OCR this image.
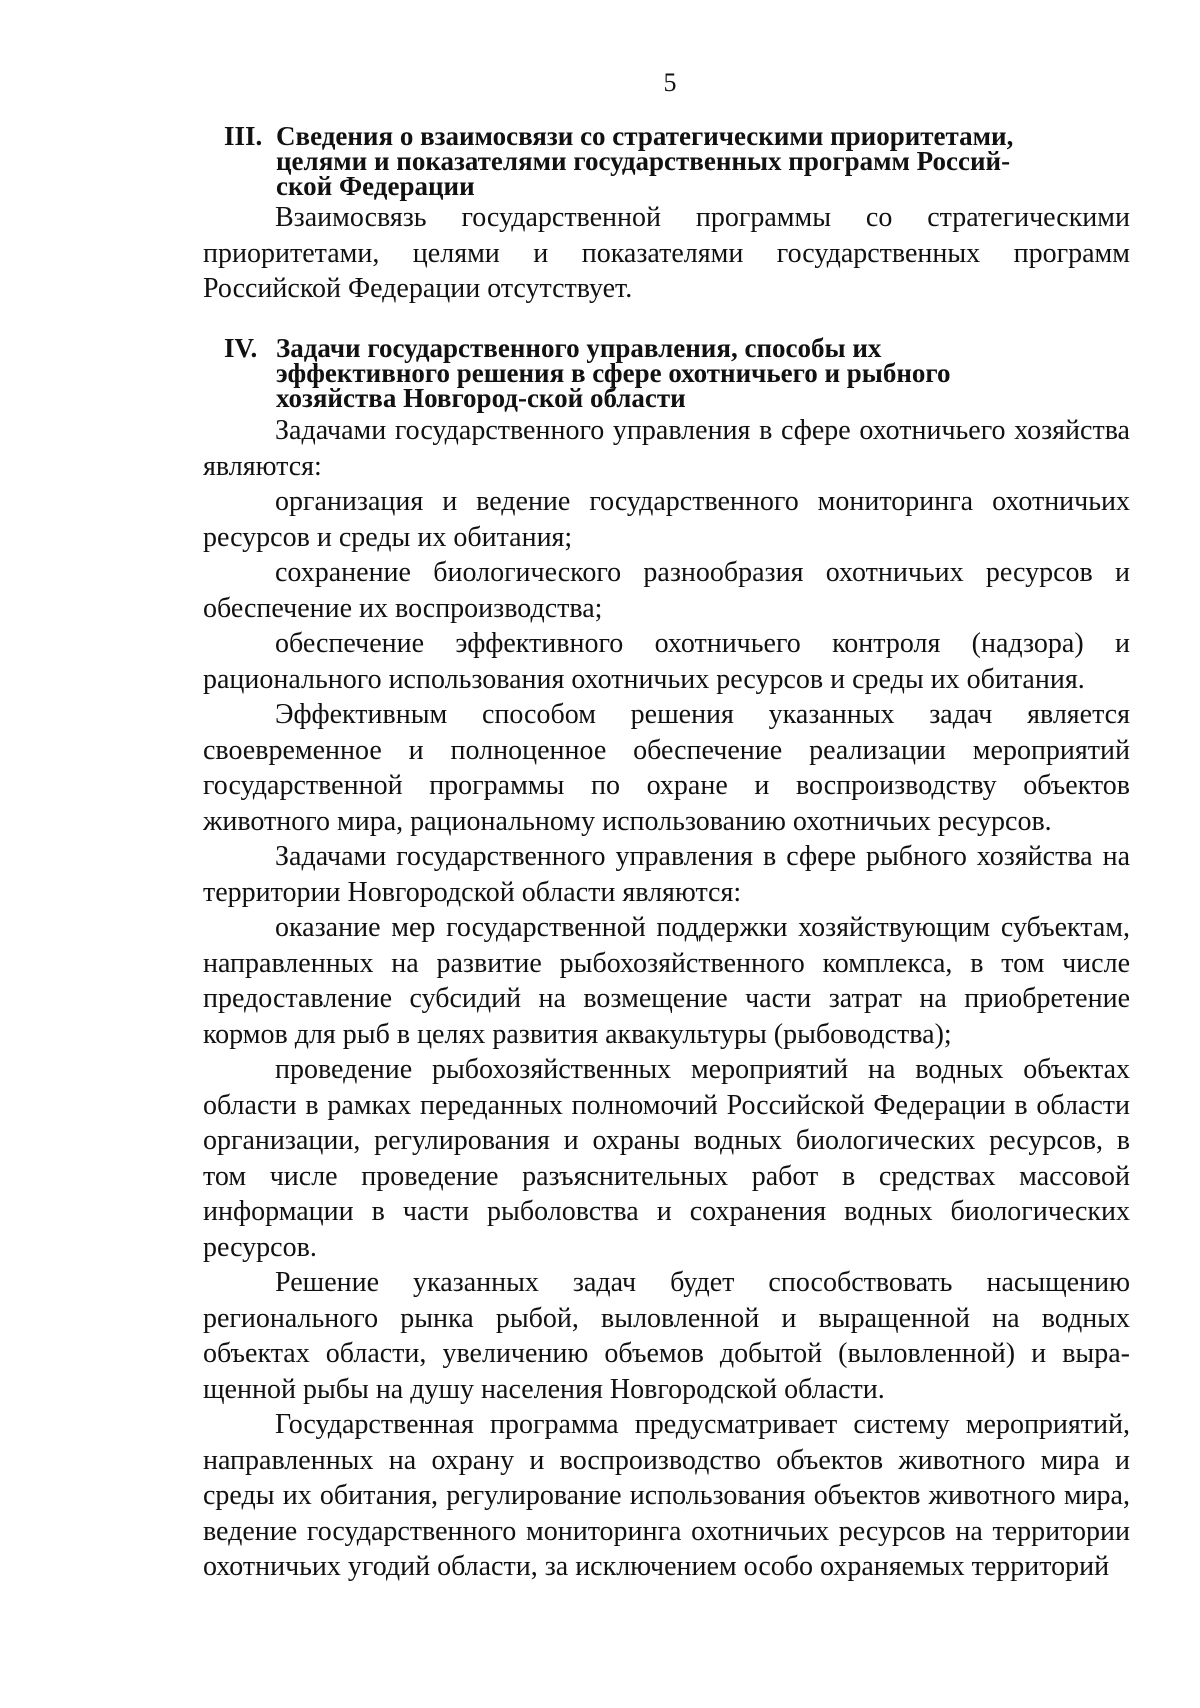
5
III. Сведения о взаимосвязи со стратегическими приоритетами, целями и показателями государственных программ Россий-ской Федерации

Взаимосвязь государственной программы со стратегическими приоритетами, целями и показателями государственных программ Российской Федерации отсутствует.

IV. Задачи государственного управления, способы их эффективного решения в сфере охотничьего и рыбного хозяйства Новгород-ской области

Задачами государственного управления в сфере охотничьего хозяйства являются:

организация и ведение государственного мониторинга охотничьих ресурсов и среды их обитания;

сохранение биологического разнообразия охотничьих ресурсов и обеспечение их воспроизводства;

обеспечение эффективного охотничьего контроля (надзора) и рационального использования охотничьих ресурсов и среды их обитания.

Эффективным способом решения указанных задач является своевременное и полноценное обеспечение реализации мероприятий государственной программы по охране и воспроизводству объектов животного мира, рациональному использованию охотничьих ресурсов.

Задачами государственного управления в сфере рыбного хозяйства на территории Новгородской области являются:

оказание мер государственной поддержки хозяйствующим субъектам, направленных на развитие рыбохозяйственного комплекса, в том числе предоставление субсидий на возмещение части затрат на приобретение кормов для рыб в целях развития аквакультуры (рыбоводства);

проведение рыбохозяйственных мероприятий на водных объектах области в рамках переданных полномочий Российской Федерации в области организации, регулирования и охраны водных биологических ресурсов, в том числе проведение разъяснительных работ в средствах массовой информации в части рыболовства и сохранения водных биологических ресурсов.

Решение указанных задач будет способствовать насыщению регионального рынка рыбой, выловленной и выращенной на водных объектах области, увеличению объемов добытой (выловленной) и выра-щенной рыбы на душу населения Новгородской области.

Государственная программа предусматривает систему мероприятий, направленных на охрану и воспроизводство объектов животного мира и среды их обитания, регулирование использования объектов животного мира, ведение государственного мониторинга охотничьих ресурсов на территории охотничьих угодий области, за исключением особо охраняемых территорий
